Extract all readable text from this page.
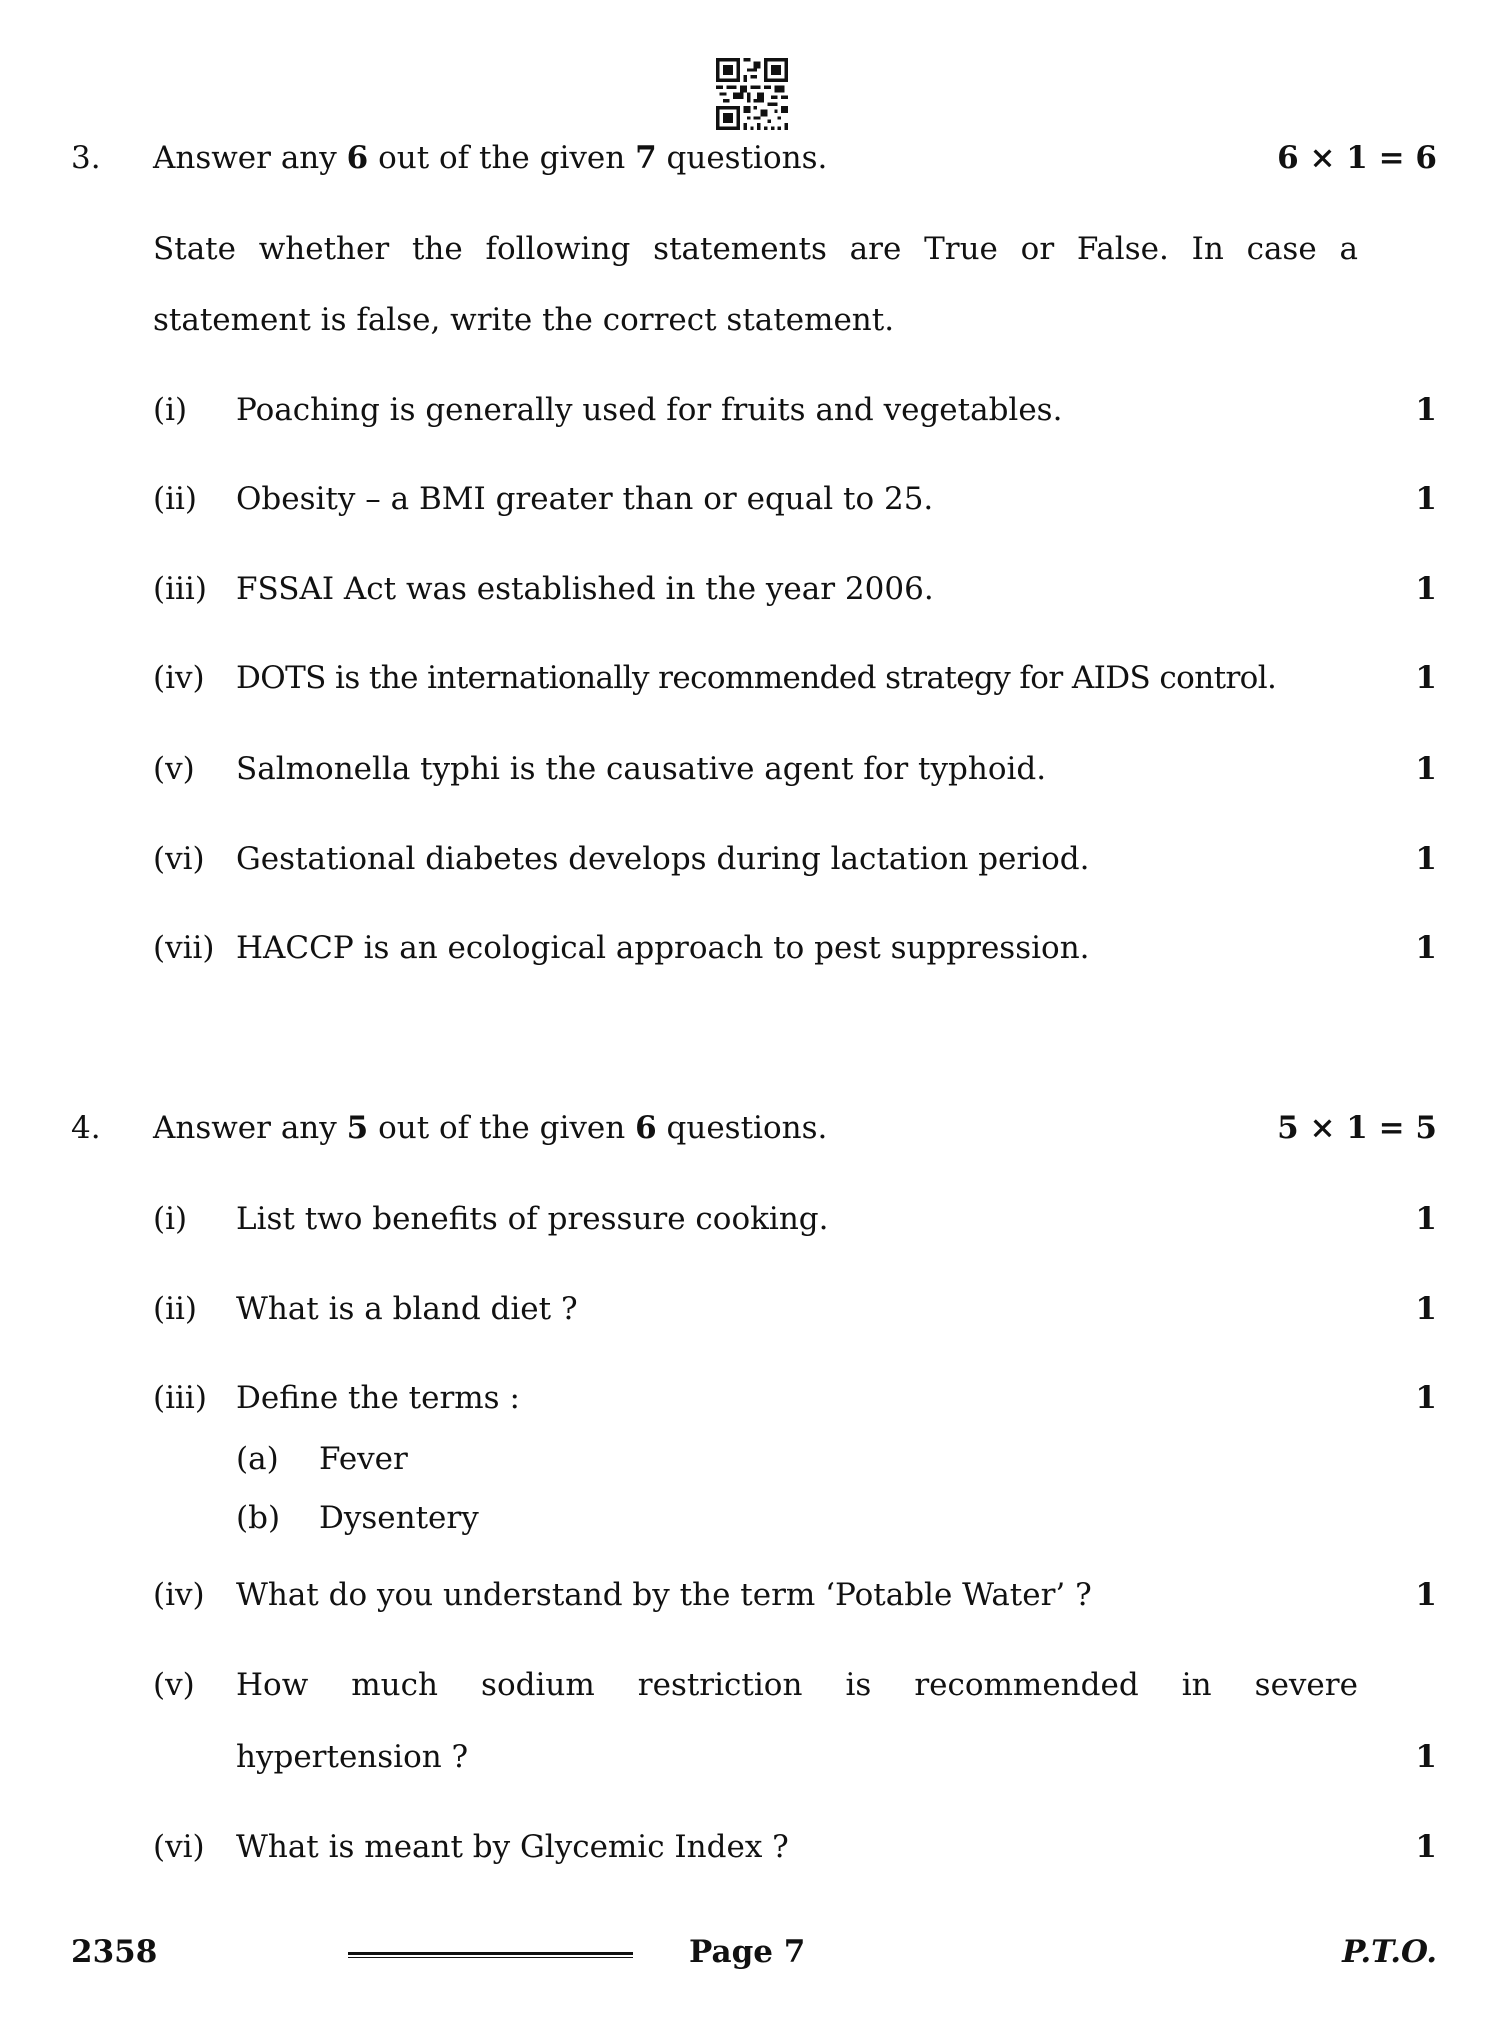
3. Answer any 6 out of the given 7 questions.	6 × 1 = 6
State whether the following statements are True or False. In case a
statement is false, write the correct statement.
(i) Poaching is generally used for fruits and vegetables.	1
(ii) Obesity – a BMI greater than or equal to 25.	1
(iii) FSSAI Act was established in the year 2006.	1
(iv) DOTS is the internationally recommended strategy for AIDS control.	1
(v) Salmonella typhi is the causative agent for typhoid.	1
(vi) Gestational diabetes develops during lactation period.	1
(vii) HACCP is an ecological approach to pest suppression.	1
4. Answer any 5 out of the given 6 questions.	5 × 1 = 5
(i) List two benefits of pressure cooking.	1
(ii) What is a bland diet ?	1
(iii) Define the terms :	1
(a) Fever
(b) Dysentery
(iv) What do you understand by the term ‘Potable Water’ ?	1
(v) How much sodium restriction is recommended in severe
hypertension ?	1
(vi) What is meant by Glycemic Index ?	1
2358	Page 7	P.T.O.
